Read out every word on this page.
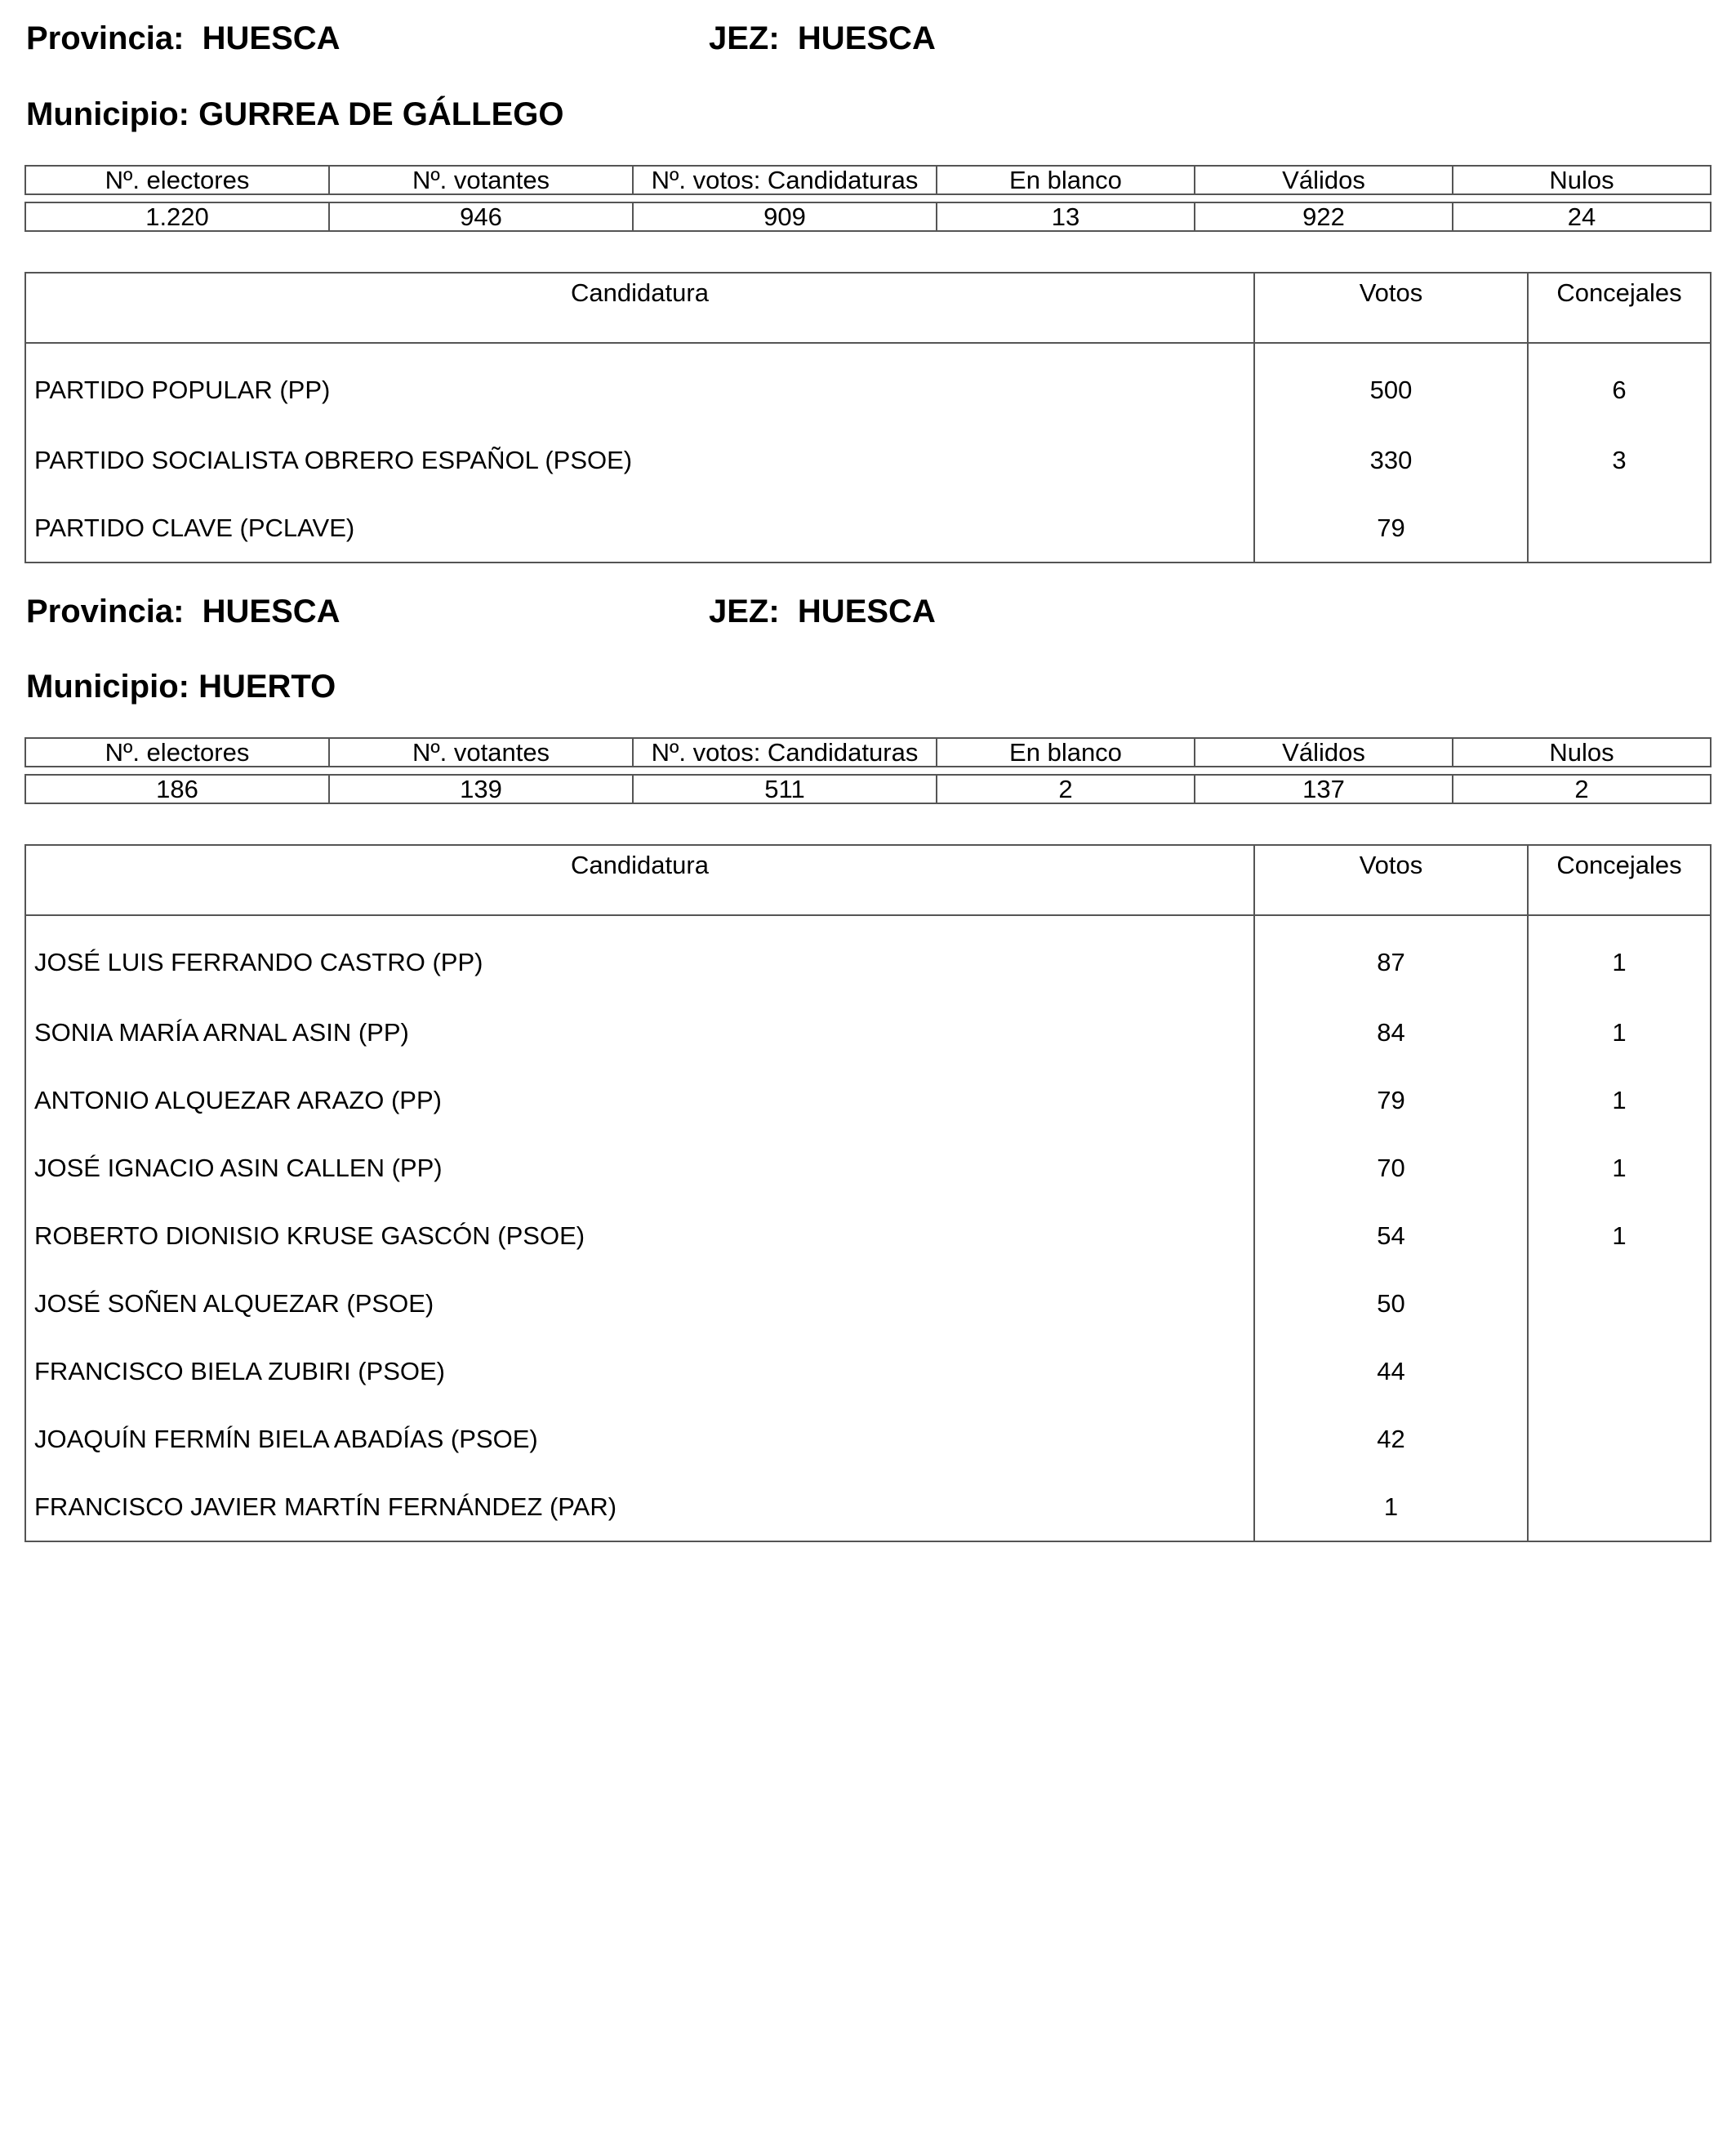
Provincia: HUESCA	JEZ: HUESCA
Municipio: GURREA DE GÁLLEGO
Nº. electores	Nº. votantes	Nº. votos: Candidaturas	En blanco	Válidos	Nulos

1.220	946	909	13	922	24
Candidatura	Votos	Concejales
PARTIDO POPULAR (PP)	500	6
PARTIDO SOCIALISTA OBRERO ESPAÑOL (PSOE)	330	3
PARTIDO CLAVE (PCLAVE)	79	
Provincia: HUESCA	JEZ: HUESCA
Municipio: HUERTO
Nº. electores	Nº. votantes	Nº. votos: Candidaturas	En blanco	Válidos	Nulos

186	139	511	2	137	2
Candidatura	Votos	Concejales
JOSÉ LUIS FERRANDO CASTRO (PP)	87	1
SONIA MARÍA ARNAL ASIN (PP)	84	1
ANTONIO ALQUEZAR ARAZO (PP)	79	1
JOSÉ IGNACIO ASIN CALLEN (PP)	70	1
ROBERTO DIONISIO KRUSE GASCÓN (PSOE)	54	1
JOSÉ SOÑEN ALQUEZAR (PSOE)	50	
FRANCISCO BIELA ZUBIRI (PSOE)	44	
JOAQUÍN FERMÍN BIELA ABADÍAS (PSOE)	42	
FRANCISCO JAVIER MARTÍN FERNÁNDEZ (PAR)	1	
